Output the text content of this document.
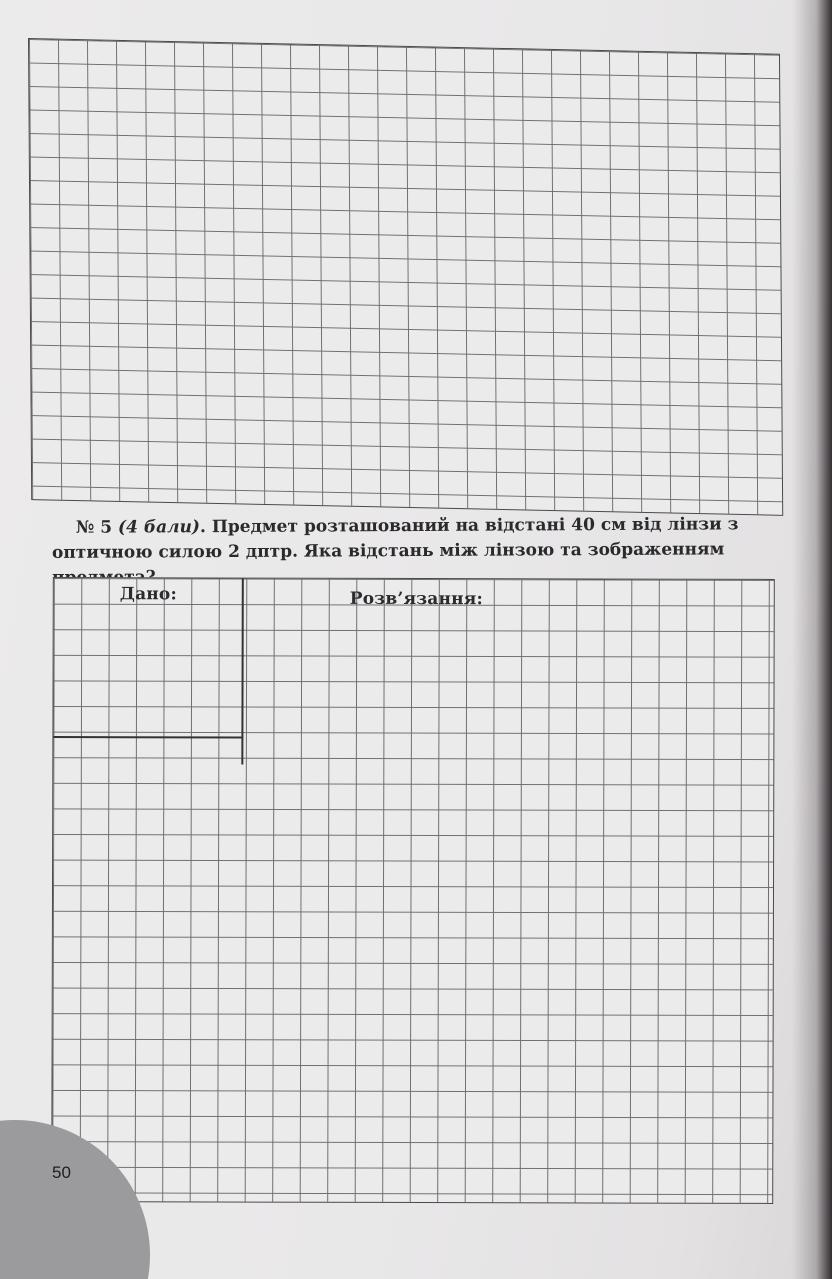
№ 5 (4 бали). Предмет розташований на відстані 40 см від лінзи з оптичною силою 2 дптр. Яка відстань між лінзою та зображенням
Дано:	Розв’язання:
50
